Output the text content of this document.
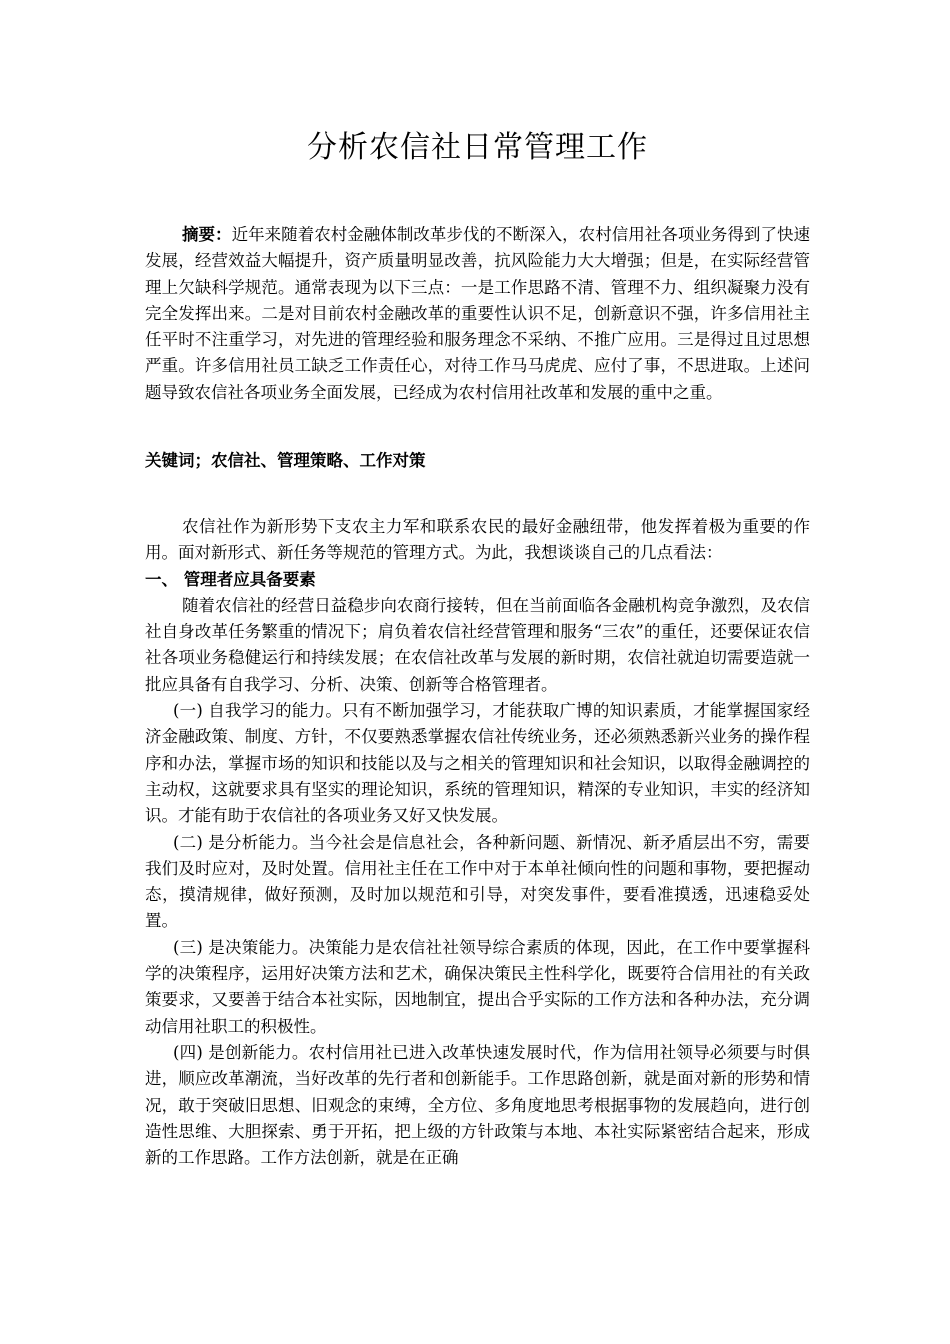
分析农信社日常管理工作

摘要：近年来随着农村金融体制改革步伐的不断深入，农村信用社各项业务得到了快速发展，经营效益大幅提升，资产质量明显改善，抗风险能力大大增强；但是，在实际经营管理上欠缺科学规范。通常表现为以下三点：一是工作思路不清、管理不力、组织凝聚力没有完全发挥出来。二是对目前农村金融改革的重要性认识不足，创新意识不强，许多信用社主任平时不注重学习，对先进的管理经验和服务理念不采纳、不推广应用。三是得过且过思想严重。许多信用社员工缺乏工作责任心，对待工作马马虎虎、应付了事，不思进取。上述问题导致农信社各项业务全面发展，已经成为农村信用社改革和发展的重中之重。

关键词；农信社、管理策略、工作对策

农信社作为新形势下支农主力军和联系农民的最好金融纽带，他发挥着极为重要的作用。面对新形式、新任务等规范的管理方式。为此，我想谈谈自己的几点看法：

一、 管理者应具备要素

随着农信社的经营日益稳步向农商行接转，但在当前面临各金融机构竞争激烈，及农信社自身改革任务繁重的情况下；肩负着农信社经营管理和服务“三农”的重任，还要保证农信社各项业务稳健运行和持续发展；在农信社改革与发展的新时期，农信社就迫切需要造就一批应具备有自我学习、分析、决策、创新等合格管理者。

(一) 自我学习的能力。只有不断加强学习，才能获取广博的知识素质，才能掌握国家经济金融政策、制度、方针，不仅要熟悉掌握农信社传统业务，还必须熟悉新兴业务的操作程序和办法，掌握市场的知识和技能以及与之相关的管理知识和社会知识，以取得金融调控的主动权，这就要求具有坚实的理论知识，系统的管理知识，精深的专业知识，丰实的经济知识。才能有助于农信社的各项业务又好又快发展。

(二) 是分析能力。当今社会是信息社会，各种新问题、新情况、新矛盾层出不穷，需要我们及时应对，及时处置。信用社主任在工作中对于本单社倾向性的问题和事物，要把握动态，摸清规律，做好预测，及时加以规范和引导，对突发事件，要看准摸透，迅速稳妥处置。

(三) 是决策能力。决策能力是农信社社领导综合素质的体现，因此，在工作中要掌握科学的决策程序，运用好决策方法和艺术，确保决策民主性科学化，既要符合信用社的有关政策要求，又要善于结合本社实际，因地制宜，提出合乎实际的工作方法和各种办法，充分调动信用社职工的积极性。

(四) 是创新能力。农村信用社已进入改革快速发展时代，作为信用社领导必须要与时俱进，顺应改革潮流，当好改革的先行者和创新能手。工作思路创新，就是面对新的形势和情况，敢于突破旧思想、旧观念的束缚，全方位、多角度地思考根据事物的发展趋向，进行创造性思维、大胆探索、勇于开拓，把上级的方针政策与本地、本社实际紧密结合起来，形成新的工作思路。工作方法创新，就是在正确
